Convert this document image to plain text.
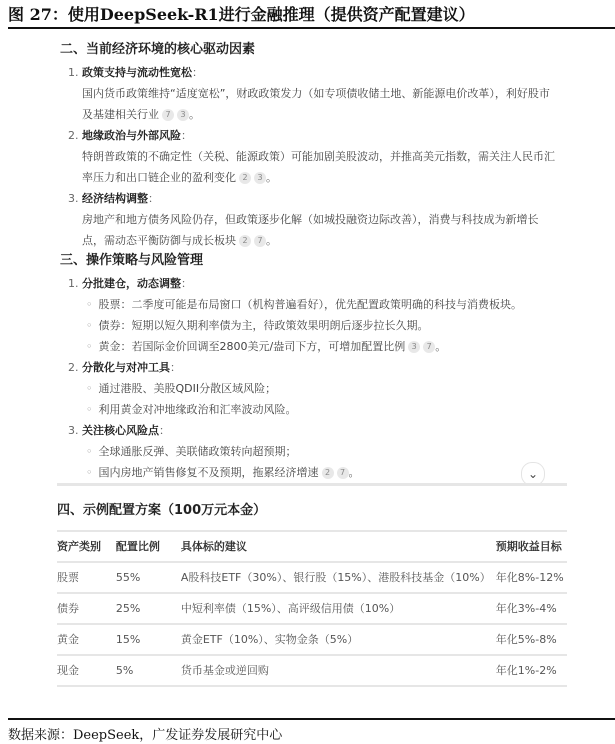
图 27：使用DeepSeek-R1进行金融推理（提供资产配置建议）
二、当前经济环境的核心驱动因素
1. 政策支持与流动性宽松：
国内货币政策维持“适度宽松”，财政政策发力（如专项债收储土地、新能源电价改革），利好股市及基建相关行业 7 3 。
2. 地缘政治与外部风险：
特朗普政策的不确定性（关税、能源政策）可能加剧美股波动，并推高美元指数，需关注人民币汇率压力和出口链企业的盈利变化 2 3 。
3. 经济结构调整：
房地产和地方债务风险仍存，但政策逐步化解（如城投融资边际改善），消费与科技成为新增长点，需动态平衡防御与成长板块 2 7 。
三、操作策略与风险管理
1. 分批建仓，动态调整：
◦ 股票：二季度可能是布局窗口（机构普遍看好），优先配置政策明确的科技与消费板块。
◦ 债券：短期以短久期利率债为主，待政策效果明朗后逐步拉长久期。
◦ 黄金：若国际金价回调至2800美元/盎司下方，可增加配置比例 3 7 。
2. 分散化与对冲工具：
◦ 通过港股、美股QDII分散区域风险；
◦ 利用黄金对冲地缘政治和汇率波动风险。
3. 关注核心风险点：
◦ 全球通胀反弹、美联储政策转向超预期；
◦ 国内房地产销售修复不及预期，拖累经济增速 2 7 。	⌄
四、示例配置方案（100万元本金）
资产类别	配置比例	具体标的建议	预期收益目标
股票	55%	A股科技ETF（30%）、银行股（15%）、港股科技基金（10%）	年化8%-12%
债券	25%	中短利率债（15%）、高评级信用债（10%）	年化3%-4%
黄金	15%	黄金ETF（10%）、实物金条（5%）	年化5%-8%
现金	5%	货币基金或逆回购	年化1%-2%
数据来源：DeepSeek，广发证券发展研究中心
